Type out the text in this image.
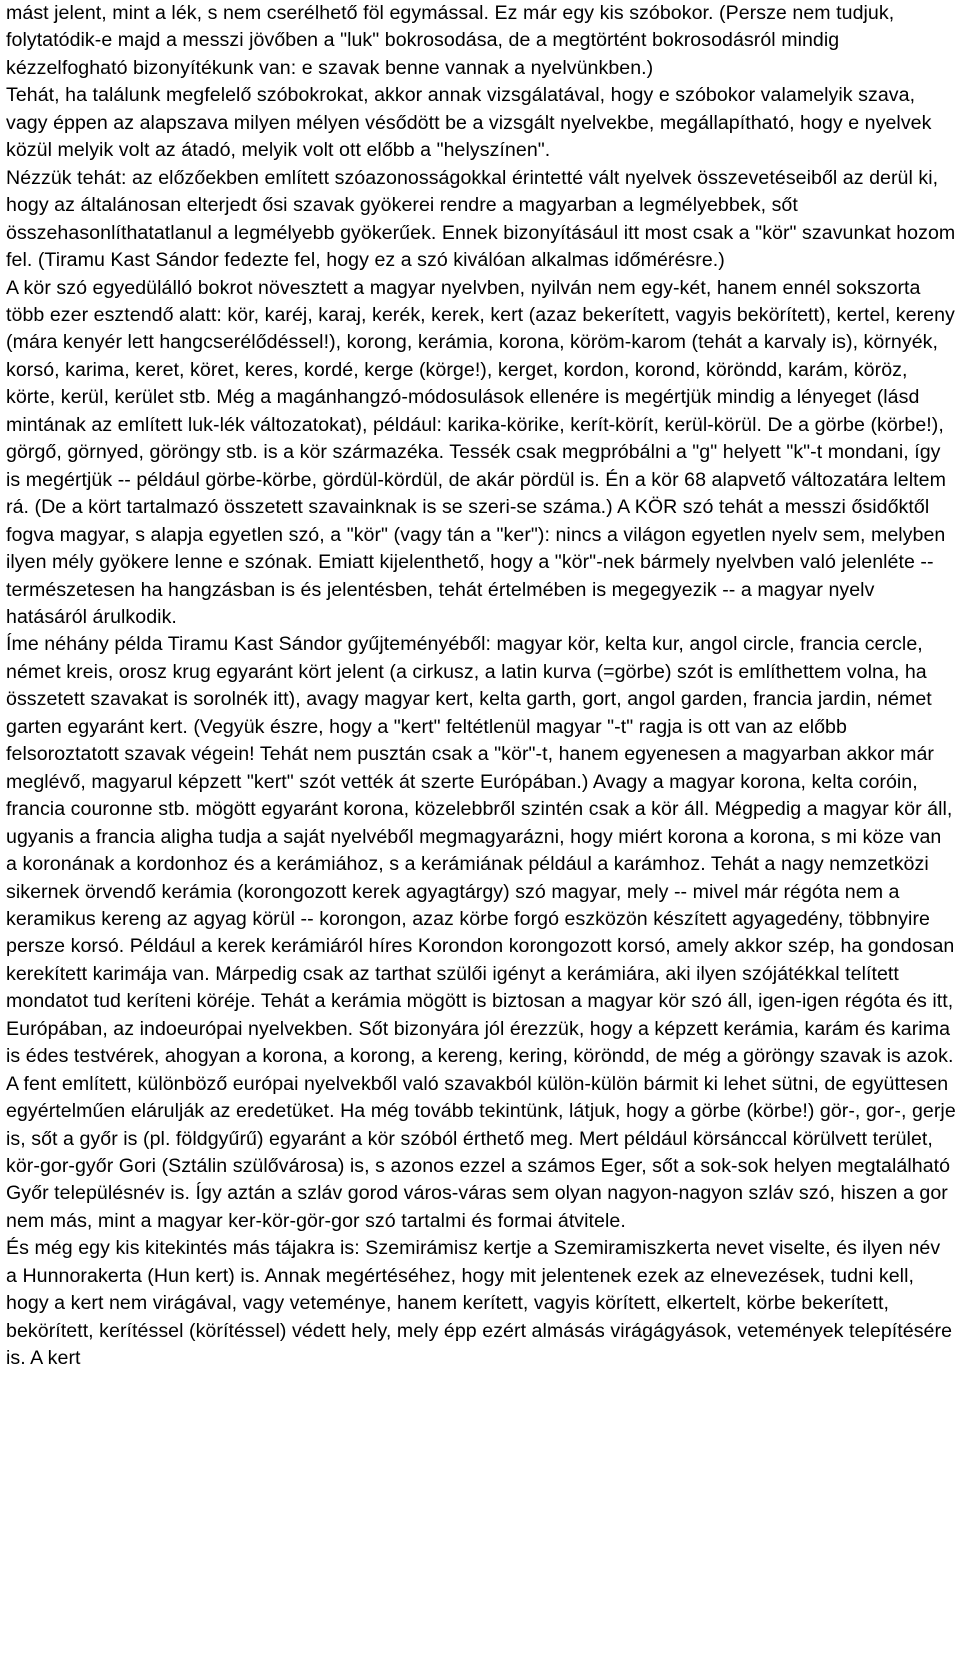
mást jelent, mint a lék, s nem cserélhető föl egymással. Ez már egy kis szóbokor. (Persze nem tudjuk, folytatódik-e majd a messzi jövőben a "luk" bokrosodása, de a megtörtént bokrosodásról mindig kézzelfogható bizonyítékunk van: e szavak benne vannak a nyelvünkben.)

Tehát, ha találunk megfelelő szóbokrokat, akkor annak vizsgálatával, hogy e szóbokor valamelyik szava, vagy éppen az alapszava milyen mélyen vésődött be a vizsgált nyelvekbe, megállapítható, hogy e nyelvek közül melyik volt az átadó, melyik volt ott előbb a "helyszínen".

Nézzük tehát: az előzőekben említett szóazonosságokkal érintetté vált nyelvek összevetéseiből az derül ki, hogy az általánosan elterjedt ősi szavak gyökerei rendre a magyarban a legmélyebbek, sőt összehasonlíthatatlanul a legmélyebb gyökerűek. Ennek bizonyításául itt most csak a "kör" szavunkat hozom fel. (Tiramu Kast Sándor fedezte fel, hogy ez a szó kiválóan alkalmas időmérésre.)

A kör szó egyedülálló bokrot növesztett a magyar nyelvben, nyilván nem egy-két, hanem ennél sokszorta több ezer esztendő alatt: kör, karéj, karaj, kerék, kerek, kert (azaz bekerített, vagyis bekörített), kertel, kereny (mára kenyér lett hangcserélődéssel!), korong, kerámia, korona, köröm-karom (tehát a karvaly is), környék, korsó, karima, keret, köret, keres, kordé, kerge (körge!), kerget, kordon, korond, köröndd, karám, köröz, körte, kerül, kerület stb. Még a magánhangzó-módosulások ellenére is megértjük mindig a lényeget (lásd mintának az említett luk-lék változatokat), például: karika-körike, kerít-körít, kerül-körül. De a görbe (körbe!), görgő, görnyed, göröngy stb. is a kör származéka. Tessék csak megpróbálni a "g" helyett "k"-t mondani, így is megértjük -- például görbe-körbe, gördül-kördül, de akár pördül is. Én a kör 68 alapvető változatára leltem rá. (De a kört tartalmazó összetett szavainknak is se szeri-se száma.) A KÖR szó tehát a messzi ősidőktől fogva magyar, s alapja egyetlen szó, a "kör" (vagy tán a "ker"): nincs a világon egyetlen nyelv sem, melyben ilyen mély gyökere lenne e szónak. Emiatt kijelenthető, hogy a "kör"-nek bármely nyelvben való jelenléte -- természetesen ha hangzásban is és jelentésben, tehát értelmében is megegyezik -- a magyar nyelv hatásáról árulkodik.

Íme néhány példa Tiramu Kast Sándor gyűjteményéből: magyar kör, kelta kur, angol circle, francia cercle, német kreis, orosz krug egyaránt kört jelent (a cirkusz, a latin kurva (=görbe) szót is említhettem volna, ha összetett szavakat is sorolnék itt), avagy magyar kert, kelta garth, gort, angol garden, francia jardin, német garten egyaránt kert. (Vegyük észre, hogy a "kert" feltétlenül magyar "-t" ragja is ott van az előbb felsoroztatott szavak végein! Tehát nem pusztán csak a "kör"-t, hanem egyenesen a magyarban akkor már meglévő, magyarul képzett "kert" szót vették át szerte Európában.) Avagy a magyar korona, kelta coróin, francia couronne stb. mögött egyaránt korona, közelebbről szintén csak a kör áll. Mégpedig a magyar kör áll, ugyanis a francia aligha tudja a saját nyelvéből megmagyarázni, hogy miért korona a korona, s mi köze van a koronának a kordonhoz és a kerámiához, s a kerámiának például a karámhoz. Tehát a nagy nemzetközi sikernek örvendő kerámia (korongozott kerek agyagtárgy) szó magyar, mely -- mivel már régóta nem a keramikus kereng az agyag körül -- korongon, azaz körbe forgó eszközön készített agyagedény, többnyire persze korsó. Például a kerek kerámiáról híres Korondon korongozott korsó, amely akkor szép, ha gondosan kerekített karimája van. Márpedig csak az tarthat szülői igényt a kerámiára, aki ilyen szójátékkal telített mondatot tud keríteni köréje. Tehát a kerámia mögött is biztosan a magyar kör szó áll, igen-igen régóta és itt, Európában, az indoeurópai nyelvekben. Sőt bizonyára jól érezzük, hogy a képzett kerámia, karám és karima is édes testvérek, ahogyan a korona, a korong, a kereng, kering, köröndd, de még a göröngy szavak is azok.

A fent említett, különböző európai nyelvekből való szavakból külön-külön bármit ki lehet sütni, de együttesen egyértelműen elárulják az eredetüket. Ha még tovább tekintünk, látjuk, hogy a görbe (körbe!) gör-, gor-, gerje is, sőt a győr is (pl. földgyűrű) egyaránt a kör szóból érthető meg. Mert például körsánccal körülvett terület, kör-gor-győr Gori (Sztálin szülővárosa) is, s azonos ezzel a számos Eger, sőt a sok-sok helyen megtalálható Győr településnév is. Így aztán a szláv gorod város-váras sem olyan nagyon-nagyon szláv szó, hiszen a gor nem más, mint a magyar ker-kör-gör-gor szó tartalmi és formai átvitele.

És még egy kis kitekintés más tájakra is: Szemirámisz kertje a Szemiramiszkerta nevet viselte, és ilyen név a Hunnorakerta (Hun kert) is. Annak megértéséhez, hogy mit jelentenek ezek az elnevezések, tudni kell, hogy a kert nem virágával, vagy veteménye, hanem kerített, vagyis körített, elkertelt, körbe bekerített, bekörített, kerítéssel (körítéssel) védett hely, mely épp ezért almásás virágágyások, vetemények telepítésére is. A kert
